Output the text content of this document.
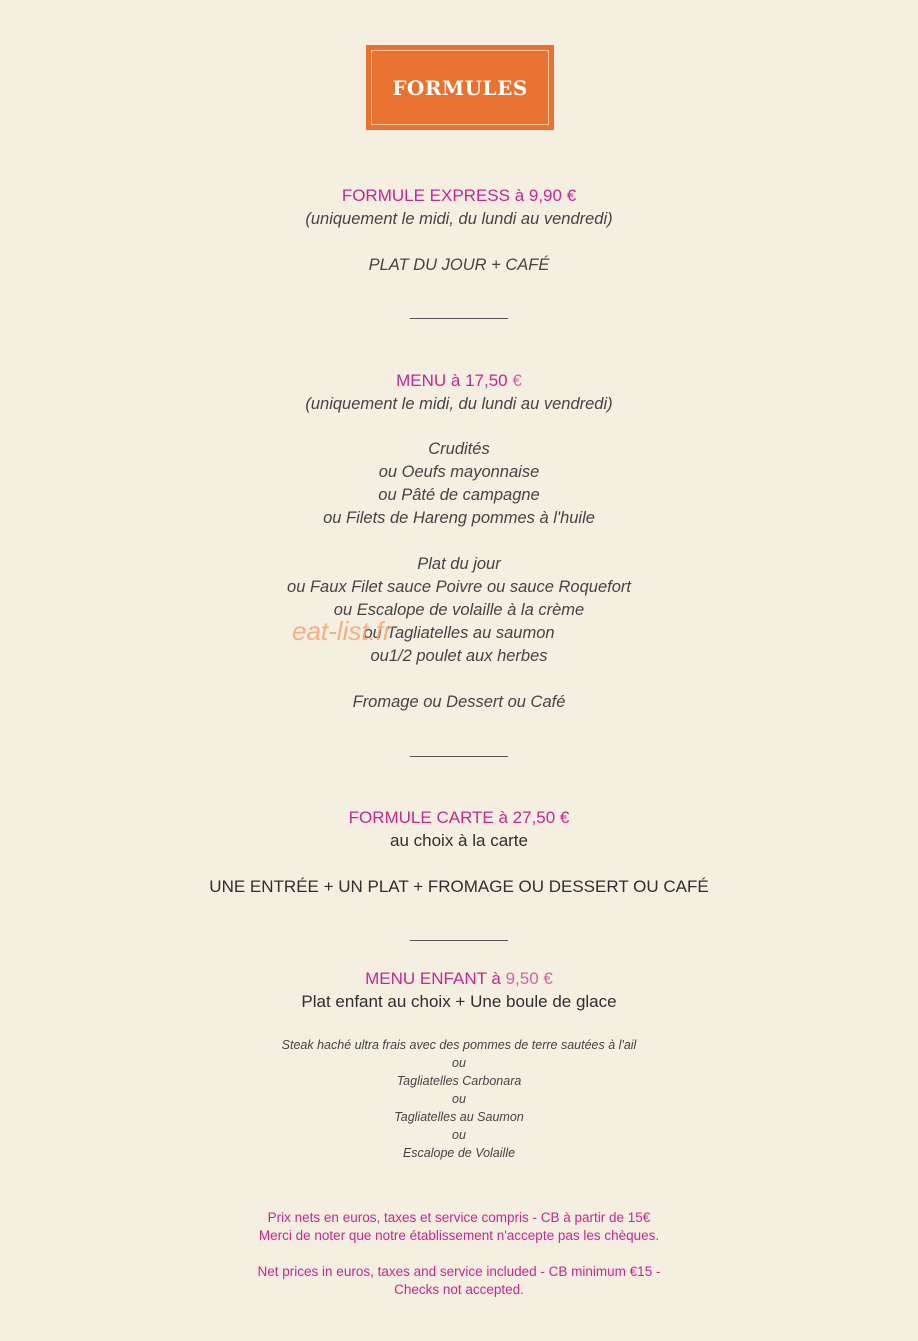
FORMULES
FORMULE EXPRESS à 9,90 €
(uniquement le midi, du lundi au vendredi)
PLAT DU JOUR + CAFÉ
___________
MENU à 17,50 €
(uniquement le midi, du lundi au vendredi)
Crudités
ou Oeufs mayonnaise
ou Pâté de campagne
ou Filets de Hareng pommes à l'huile
Plat du jour
ou Faux Filet sauce Poivre ou sauce Roquefort
ou Escalope de volaille à la crème
ou Tagliatelles au saumon
ou1/2 poulet aux herbes
Fromage ou Dessert ou Café
___________
eat-list.fr
FORMULE CARTE à 27,50 €
au choix à la carte
UNE ENTRÉE + UN PLAT + FROMAGE OU DESSERT OU CAFÉ
___________
MENU ENFANT à 9,50 €
Plat enfant au choix + Une boule de glace
Steak haché ultra frais avec des pommes de terre sautées à l'ail
ou
Tagliatelles Carbonara
ou
Tagliatelles au Saumon
ou
Escalope de Volaille
Prix nets en euros, taxes et service compris - CB à partir de 15€
Merci de noter que notre établissement n'accepte pas les chèques.
Net prices in euros, taxes and service included - CB minimum €15 -
Checks not accepted.
